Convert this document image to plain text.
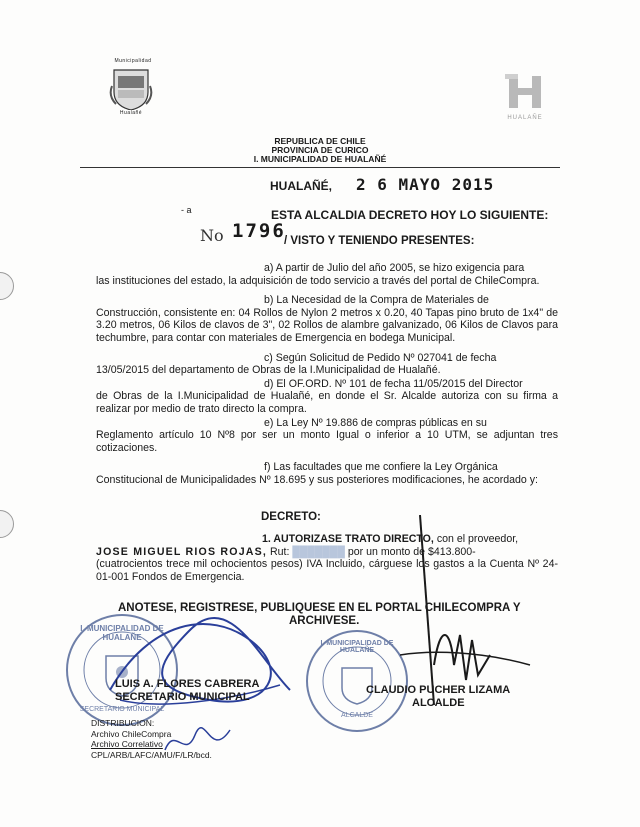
Municipalidad
Hualañé
HUALAÑE
REPUBLICA DE CHILE
PROVINCIA DE CURICO
I. MUNICIPALIDAD DE HUALAÑÉ
HUALAÑÉ, 2 6 MAYO 2015
- a	ESTA ALCALDIA DECRETO HOY LO SIGUIENTE:
No 1796
/ VISTO Y TENIENDO PRESENTES:
a) A partir de Julio del año 2005, se hizo exigencia para
las instituciones del estado, la adquisición de todo servicio a través del portal de ChileCompra.
b) La Necesidad de la Compra de Materiales de
Construcción, consistente en: 04 Rollos de Nylon 2 metros x 0.20, 40 Tapas pino bruto de 1x4" de 3.20 metros, 06 Kilos de clavos de 3", 02 Rollos de alambre galvanizado, 06 Kilos de Clavos para techumbre, para contar con materiales de Emergencia en bodega Municipal.
c) Según Solicitud de Pedido Nº 027041 de fecha
13/05/2015 del departamento de Obras de la I.Municipalidad de Hualañé.
d) El OF.ORD. Nº 101 de fecha 11/05/2015 del Director
de Obras de la I.Municipalidad de Hualañé, en donde el Sr. Alcalde autoriza con su firma a realizar por medio de trato directo la compra.
e) La Ley Nº 19.886 de compras públicas en su
Reglamento artículo 10 Nº8 por ser un monto Igual o inferior a 10 UTM, se adjuntan tres cotizaciones.
f) Las facultades que me confiere la Ley Orgánica
Constitucional de Municipalidades Nº 18.695 y sus posteriores modificaciones, he acordado y:
DECRETO:
1. AUTORIZASE TRATO DIRECTO, con el proveedor,
JOSE MIGUEL RIOS ROJAS, Rut: ███████ por un monto de $413.800-
(cuatrocientos trece mil ochocientos pesos) IVA Incluido, cárguese los gastos a la Cuenta Nº 24-01-001 Fondos de Emergencia.
ANOTESE, REGISTRESE, PUBLIQUESE EN EL PORTAL CHILECOMPRA Y
ARCHIVESE.
I. MUNICIPALIDAD DE HUALAÑE
SECRETARIO MUNICIPAL
I. MUNICIPALIDAD DE HUALAÑE
ALCALDE
LUIS A. FLORES CABRERA
SECRETARIO MUNICIPAL
CLAUDIO PUCHER LIZAMA
ALCALDE
DISTRIBUCION:
Archivo ChileCompra
Archivo Correlativo
CPL/ARB/LAFC/AMU/F/LR/bcd.
